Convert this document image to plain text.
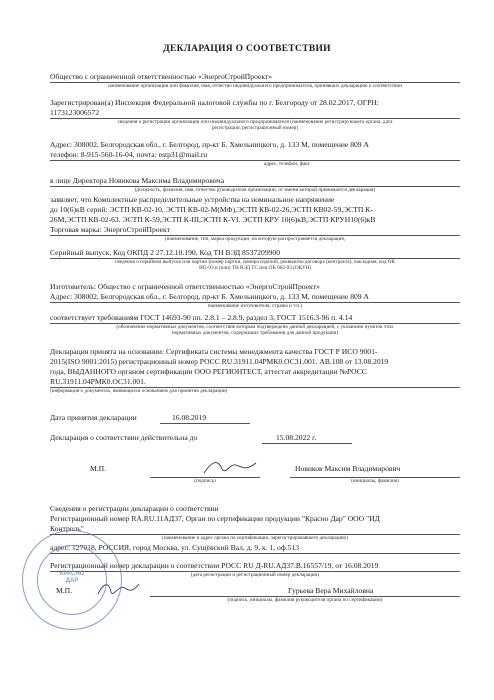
ДЕКЛАРАЦИЯ О СООТВЕТСТВИИ
Общество с ограниченной ответственностью «ЭнергоСтройПроект»
наименование организации или фамилия, имя, отчество индивидуального предпринимателя, принявших декларацию о соответствии
Зарегистрирован(а) Инспекция Федеральной налоговой службы по г. Белгороду от 28.02.2017, ОГРН:
1173123006572
сведения о регистрации организации или индивидуального предпринимателя (наименование регистрирующего органа, дата
регистрации, регистрационный номер)
Адрес: 308002, Белгородская обл., г. Белгород, пр-кт Б. Хмельницкого, д. 133 М, помещение 809 А
телефон: 8-915-560-16-04, почта: estp31@mail.ru
адрес, телефон, факс
в лице Директора Новикова Максима Владимировича
(должность, фамилия, имя, отчество руководителя организации, от имени которой принимается декларация)
заявляет, что Комплектные распределительные устройства на номинальное напряжение
до 10(6)кВ серий: ЭСТП КВ-02-10, ЭСТП КВ-02-М(МФ),ЭСТП КВ-02-26,ЭСТП КВ02-59,ЭСТП К-
26М,ЭСТП КВ-02-63. ЭСТП К-59,ЭСТП К-III,ЭСТП К-VI. ЭСТП КРУ 10(6)кВ;ЭСТП КРУН10(6)кВ
Торговая марка: ЭнергоСтройПроект
(наименование, тип, марка продукции, на которую распространяется декларация,
Серийный выпуск, Код ОКПД 2 27.12.10.190, Код ТН ВЭД 8537209900
сведения о серийном выпуске или партии (номер партии, номера изделий, реквизиты договора (контракта), накладная, код ОК
005-93 и (или) ТН ВЭД ТС или ОК 002-93 (ОКУН)
Изготовитель: Общество с ограниченной ответственностью «ЭнергоСтройПроект»
Адрес: 308002, Белгородская обл., г. Белгород, пр-кт Б. Хмельницкого, д. 133 М, помещение 809 А
наименование изготовителя, страны и т.п.)
соответствует требованиям ГОСТ 14693-90 пп. 2.8.1 – 2.8.9, раздел 3, ГОСТ 1516.3-96 п. 4.14
(обозначение нормативных документов, соответствие которым подтверждено данной декларацией, с указанием пунктов этих
нормативных документов, содержащих требования для данной продукции)
Декларация принята на основании: Сертификата системы менеджмента качества ГОСТ Р ИСО 9001-
2015(ISO 9001:2015) регистрационный номер РОСС RU.31911.04РМК0.ОС31.001. АВ.108 от 13.08.2019
года, ВЫДАННОГО органом сертификации ООО РЕГИОНТЕСТ, аттестат аккредитации №РОСС
RU.31911.04РМК0.ОС31.001.
(информация о документах, являющихся основанием для принятия декларации)
Дата принятия декларации	16.08.2019
Декларация о соответствии действительна до	15.08.2022 г.
М.П.
(подпись)
Новиков Максим Владимирович
(инициалы, фамилия)
Сведения о регистрации декларации о соответствии
Регистрационный номер RA.RU.11АД37, Орган по сертификации продукции "Красно Дар" ООО "ИД
Контроль"
(наименование и адрес органа по сертификации, зарегистрировавшего декларацию)
адрес: 127018, РОССИЯ, город Москва, ул. Сущёвский Вал, д. 9, к. 1, оф.513
Регистрационный номер декларации о соответствии РОСС RU Д-RU.АД37.В.16557/19, от 16.08.2019
(дата регистрации и регистрационный номер декларации)
М.П.	Гурьева Вера Михайловна
(подпись, инициалы, фамилия руководителя органа по сертификации)
КРАСНО
ДАР
